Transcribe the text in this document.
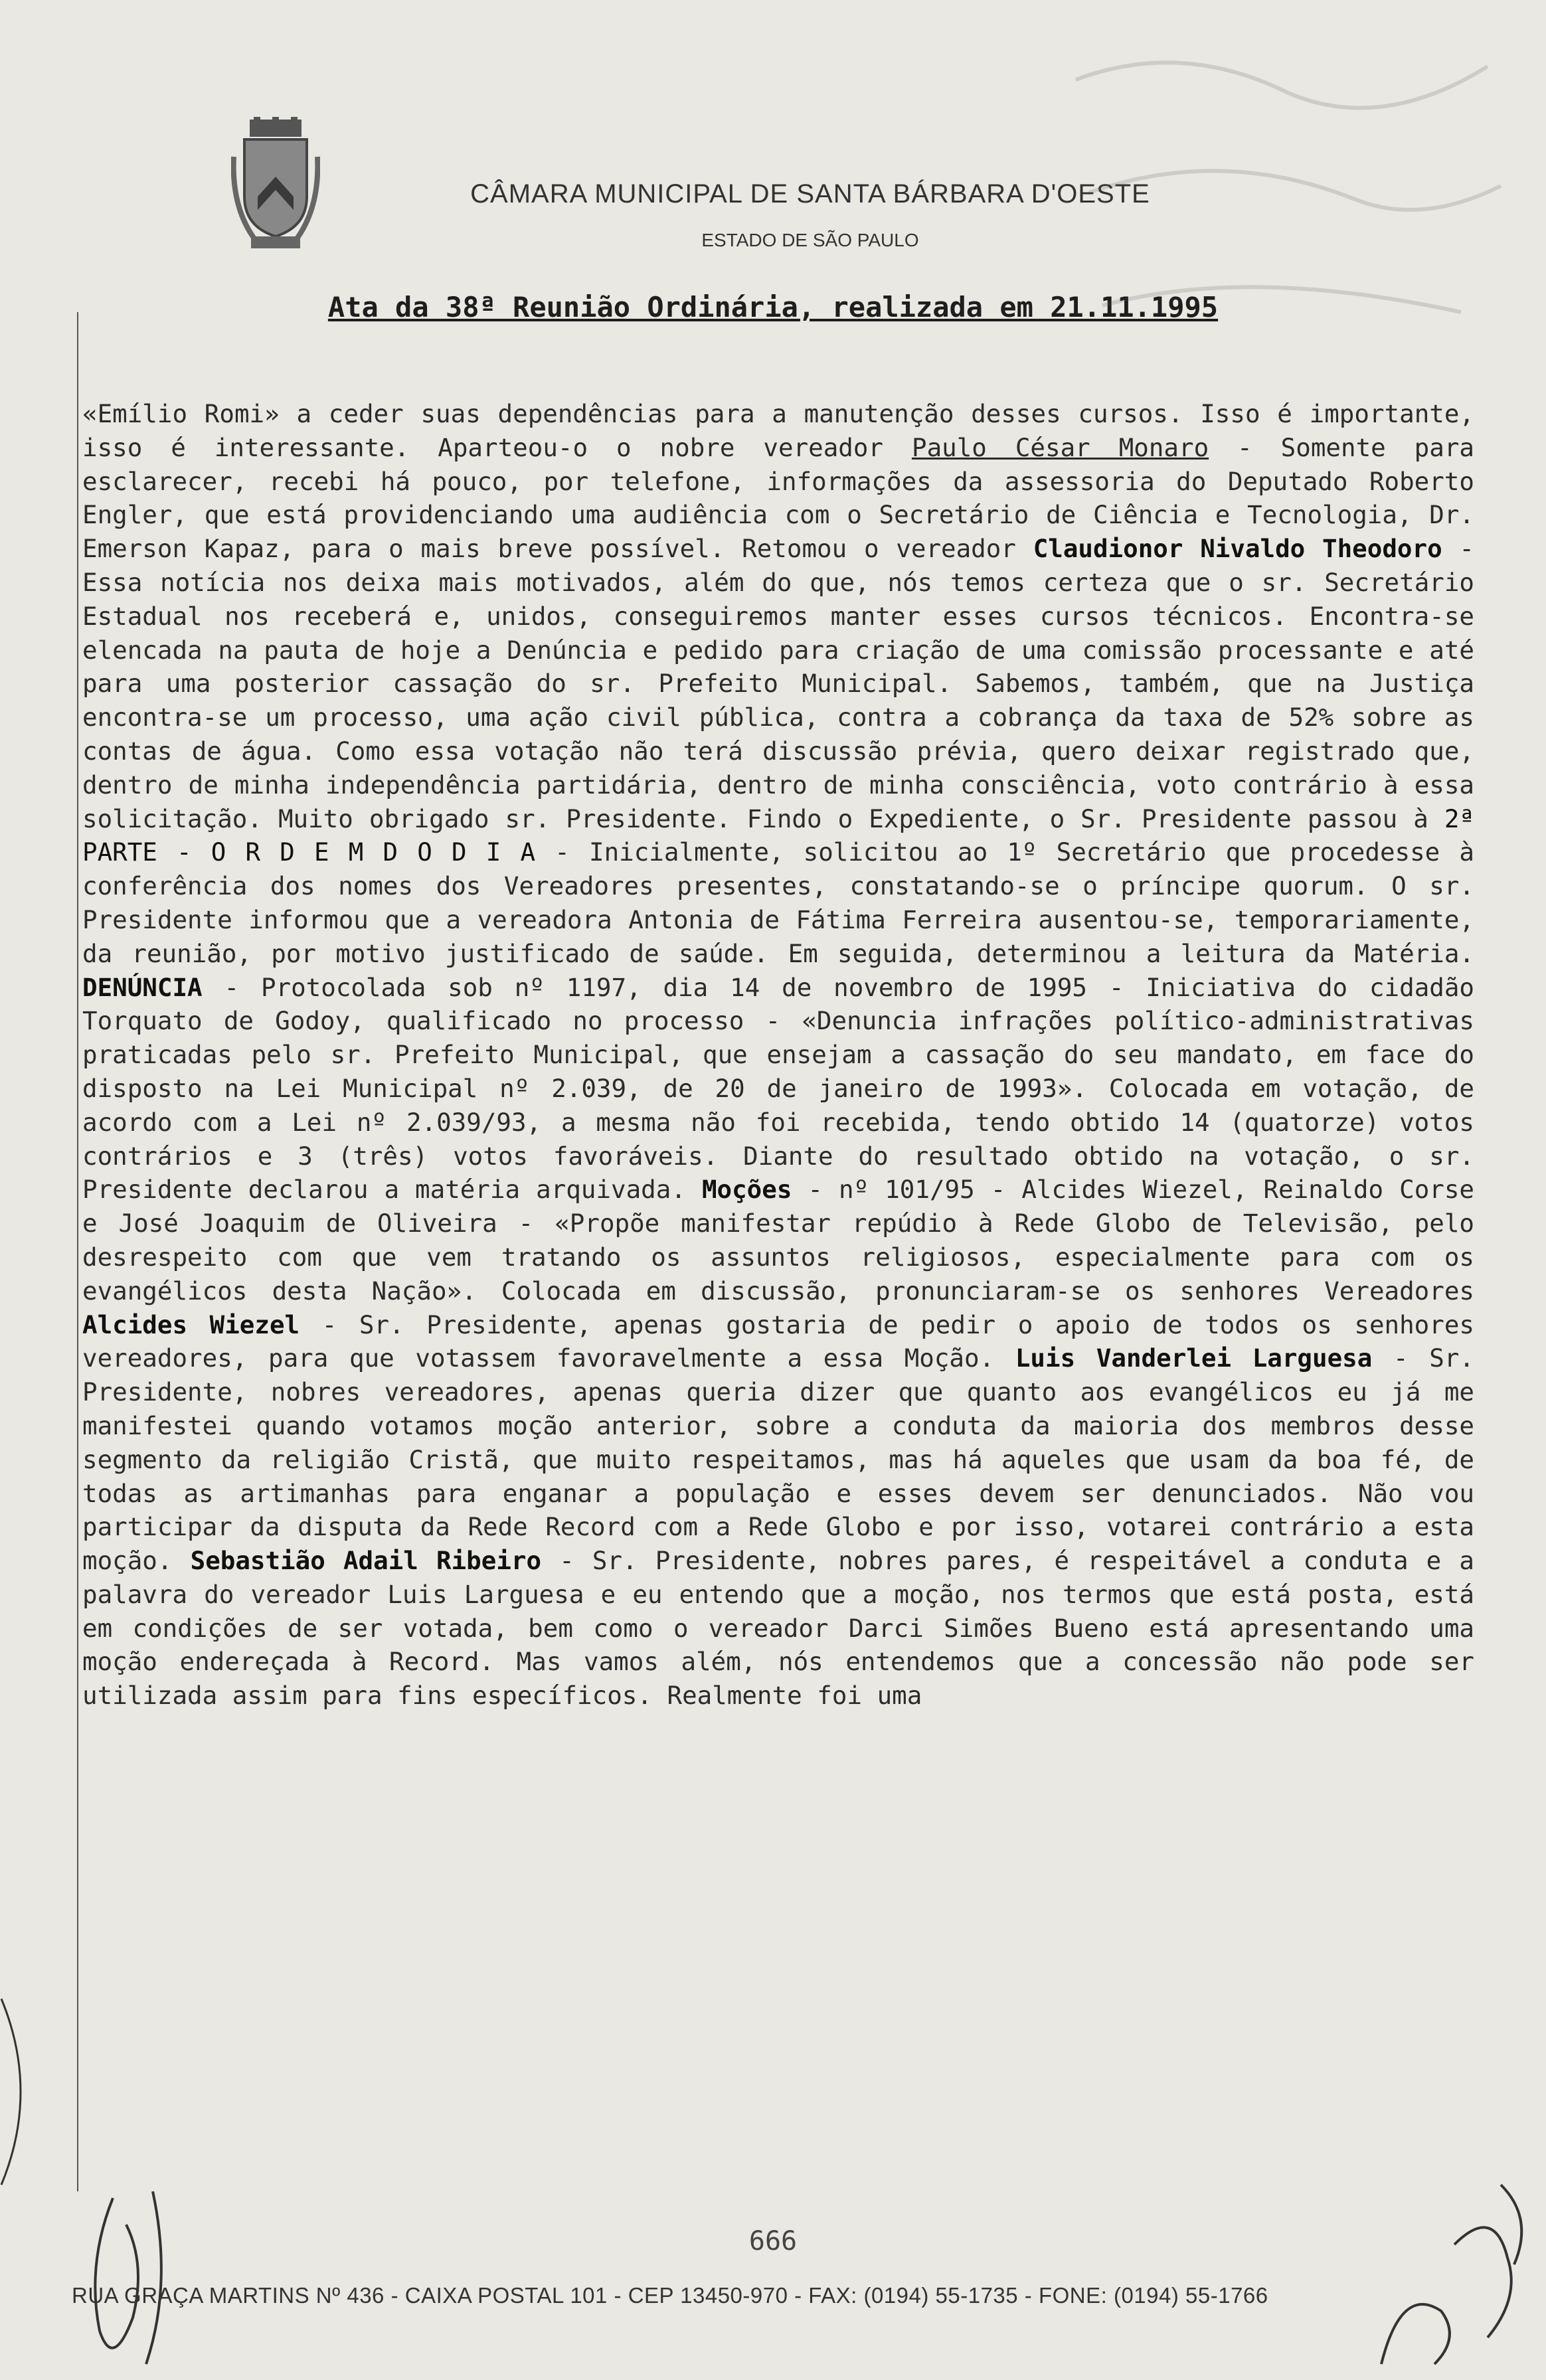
CÂMARA MUNICIPAL DE SANTA BÁRBARA D'OESTE
ESTADO DE SÃO PAULO
Ata da 38ª Reunião Ordinária, realizada em 21.11.1995
«Emílio Romi» a ceder suas dependências para a manutenção desses cursos. Isso é importante, isso é interessante. Aparteou-o o nobre vereador Paulo César Monaro - Somente para esclarecer, recebi há pouco, por telefone, informações da assessoria do Deputado Roberto Engler, que está providenciando uma audiência com o Secretário de Ciência e Tecnologia, Dr. Emerson Kapaz, para o mais breve possível. Retomou o vereador Claudionor Nivaldo Theodoro - Essa notícia nos deixa mais motivados, além do que, nós temos certeza que o sr. Secretário Estadual nos receberá e, unidos, conseguiremos manter esses cursos técnicos. Encontra-se elencada na pauta de hoje a Denúncia e pedido para criação de uma comissão processante e até para uma posterior cassação do sr. Prefeito Municipal. Sabemos, também, que na Justiça encontra-se um processo, uma ação civil pública, contra a cobrança da taxa de 52% sobre as contas de água. Como essa votação não terá discussão prévia, quero deixar registrado que, dentro de minha independência partidária, dentro de minha consciência, voto contrário à essa solicitação. Muito obrigado sr. Presidente. Findo o Expediente, o Sr. Presidente passou à 2ª PARTE - O R D E M D O D I A - Inicialmente, solicitou ao 1º Secretário que procedesse à conferência dos nomes dos Vereadores presentes, constatando-se o príncipe quorum. O sr. Presidente informou que a vereadora Antonia de Fátima Ferreira ausentou-se, temporariamente, da reunião, por motivo justificado de saúde. Em seguida, determinou a leitura da Matéria. DENÚNCIA - Protocolada sob nº 1197, dia 14 de novembro de 1995 - Iniciativa do cidadão Torquato de Godoy, qualificado no processo - «Denuncia infrações político-administrativas praticadas pelo sr. Prefeito Municipal, que ensejam a cassação do seu mandato, em face do disposto na Lei Municipal nº 2.039, de 20 de janeiro de 1993». Colocada em votação, de acordo com a Lei nº 2.039/93, a mesma não foi recebida, tendo obtido 14 (quatorze) votos contrários e 3 (três) votos favoráveis. Diante do resultado obtido na votação, o sr. Presidente declarou a matéria arquivada. Moções - nº 101/95 - Alcides Wiezel, Reinaldo Corse e José Joaquim de Oliveira - «Propõe manifestar repúdio à Rede Globo de Televisão, pelo desrespeito com que vem tratando os assuntos religiosos, especialmente para com os evangélicos desta Nação». Colocada em discussão, pronunciaram-se os senhores Vereadores Alcides Wiezel - Sr. Presidente, apenas gostaria de pedir o apoio de todos os senhores vereadores, para que votassem favoravelmente a essa Moção. Luis Vanderlei Larguesa - Sr. Presidente, nobres vereadores, apenas queria dizer que quanto aos evangélicos eu já me manifestei quando votamos moção anterior, sobre a conduta da maioria dos membros desse segmento da religião Cristã, que muito respeitamos, mas há aqueles que usam da boa fé, de todas as artimanhas para enganar a população e esses devem ser denunciados. Não vou participar da disputa da Rede Record com a Rede Globo e por isso, votarei contrário a esta moção. Sebastião Adail Ribeiro - Sr. Presidente, nobres pares, é respeitável a conduta e a palavra do vereador Luis Larguesa e eu entendo que a moção, nos termos que está posta, está em condições de ser votada, bem como o vereador Darci Simões Bueno está apresentando uma moção endereçada à Record. Mas vamos além, nós entendemos que a concessão não pode ser utilizada assim para fins específicos. Realmente foi uma
666
RUA GRAÇA MARTINS Nº 436 - CAIXA POSTAL 101 - CEP 13450-970 - FAX: (0194) 55-1735 - FONE: (0194) 55-1766
